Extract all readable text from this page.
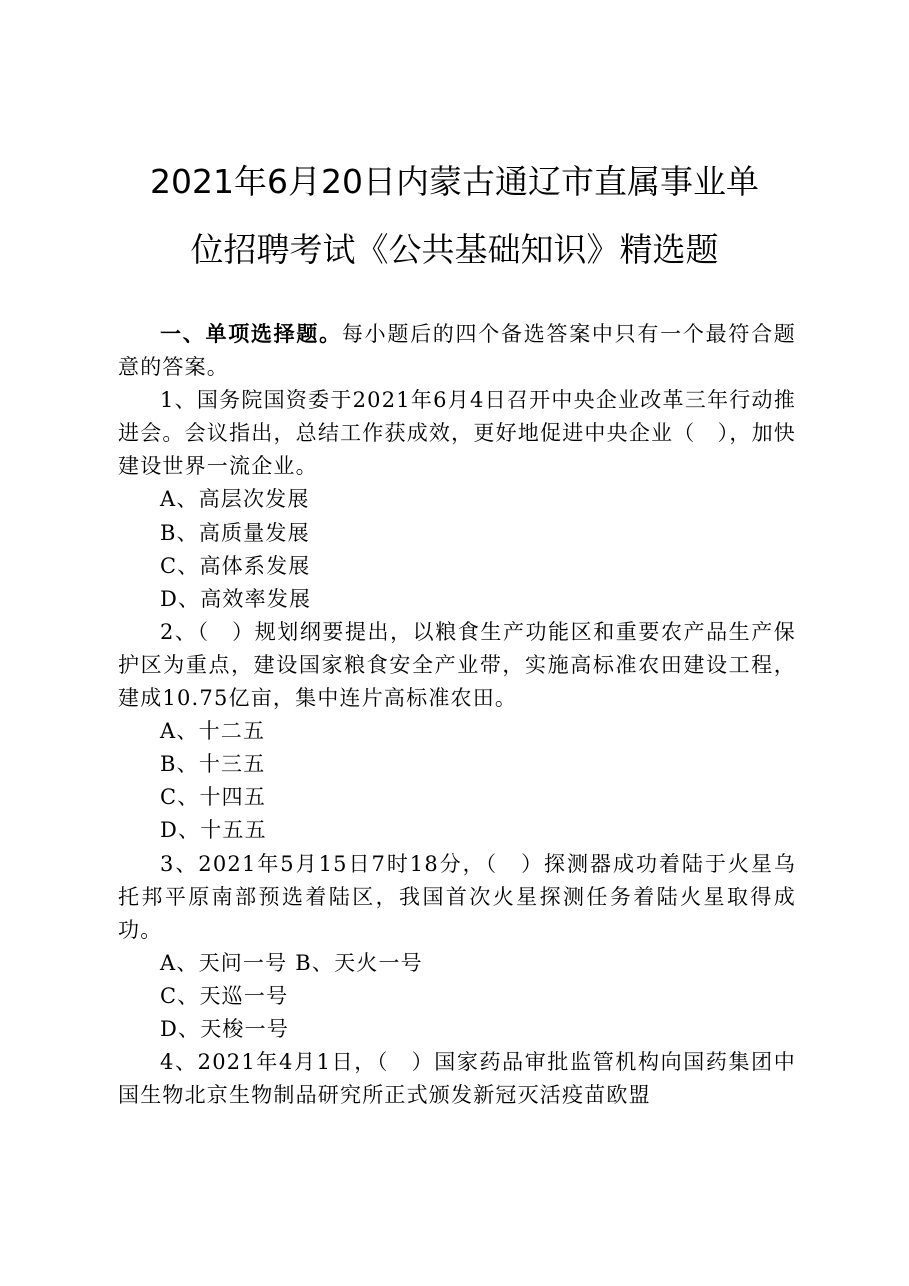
2021年6月20日内蒙古通辽市直属事业单
位招聘考试《公共基础知识》精选题

一、单项选择题。每小题后的四个备选答案中只有一个最符合题意的答案。

1、国务院国资委于2021年6月4日召开中央企业改革三年行动推进会。会议指出，总结工作获成效，更好地促进中央企业（　），加快建设世界一流企业。

A、高层次发展

B、高质量发展

C、高体系发展

D、高效率发展

2、（　）规划纲要提出，以粮食生产功能区和重要农产品生产保护区为重点，建设国家粮食安全产业带，实施高标准农田建设工程，建成10.75亿亩，集中连片高标准农田。

A、十二五

B、十三五

C、十四五

D、十五五

3、2021年5月15日7时18分，（　）探测器成功着陆于火星乌托邦平原南部预选着陆区，我国首次火星探测任务着陆火星取得成功。

A、天问一号 B、天火一号

C、天巡一号

D、天梭一号

4、2021年4月1日，（　）国家药品审批监管机构向国药集团中国生物北京生物制品研究所正式颁发新冠灭活疫苗欧盟
